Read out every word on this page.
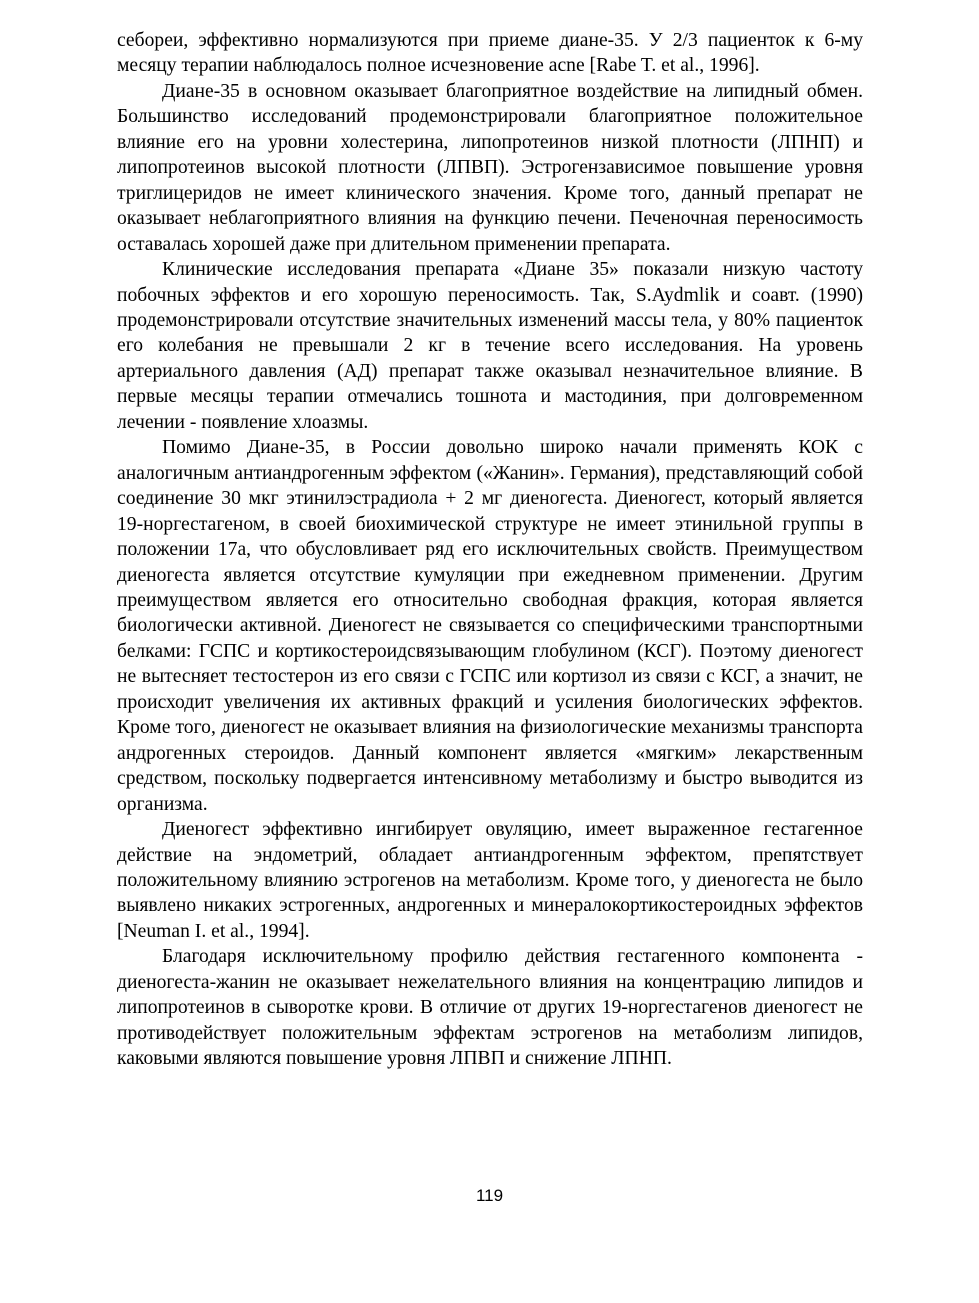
себореи, эффективно нормализуются при приеме диане-35. У 2/3 пациенток к 6-му месяцу терапии наблюдалось полное исчезновение acne [Rabe T. et al., 1996].

Диане-35 в основном оказывает благоприятное воздействие на липидный обмен. Большинство исследований продемонстрировали благоприятное положительное влияние его на уровни холестерина, липопротеинов низкой плотности (ЛПНП) и липопротеинов высокой плотности (ЛПВП). Эстрогензависимое повышение уровня триглицеридов не имеет клинического значения. Кроме того, данный препарат не оказывает неблагоприятного влияния на функцию печени. Печеночная переносимость оставалась хорошей даже при длительном применении препарата.

Клинические исследования препарата «Диане 35» показали низкую частоту побочных эффектов и его хорошую переносимость. Так, S.Aydmlik и соавт. (1990) продемонстрировали отсутствие значительных изменений массы тела, у 80% пациенток его колебания не превышали 2 кг в течение всего исследования. На уровень артериального давления (АД) препарат также оказывал незначительное влияние. В первые месяцы терапии отмечались тошнота и мастодиния, при долговременном лечении - появление хлоазмы.

Помимо Диане-35, в России довольно широко начали применять КОК с аналогичным антиандрогенным эффектом («Жанин». Германия), представляющий собой соединение 30 мкг этинилэстрадиола + 2 мг диеногеста. Диеногест, который является 19-норгестагеном, в своей биохимической структуре не имеет этинильной группы в положении 17а, что обусловливает ряд его исключительных свойств. Преимуществом диеногеста является отсутствие кумуляции при ежедневном применении. Другим преимуществом является его относительно свободная фракция, которая является биологически активной. Диеногест не связывается со специфическими транспортными белками: ГСПС и кортикостероидсвязывающим глобулином (КСГ). Поэтому диеногест не вытесняет тестостерон из его связи с ГСПС или кортизол из связи с КСГ, а значит, не происходит увеличения их активных фракций и усиления биологических эффектов. Кроме того, диеногест не оказывает влияния на физиологические механизмы транспорта андрогенных стероидов. Данный компонент является «мягким» лекарственным средством, поскольку подвергается интенсивному метаболизму и быстро выводится из организма.

Диеногест эффективно ингибирует овуляцию, имеет выраженное гестагенное действие на эндометрий, обладает антиандрогенным эффектом, препятствует положительному влиянию эстрогенов на метаболизм. Кроме того, у диеногеста не было выявлено никаких эстрогенных, андрогенных и минералокортикостероидных эффектов [Neuman I. et al., 1994].

Благодаря исключительному профилю действия гестагенного компонента - диеногеста-жанин не оказывает нежелательного влияния на концентрацию липидов и липопротеинов в сыворотке крови. В отличие от других 19-норгестагенов диеногест не противодействует положительным эффектам эстрогенов на метаболизм липидов, каковыми являются повышение уровня ЛПВП и снижение ЛПНП.

119
